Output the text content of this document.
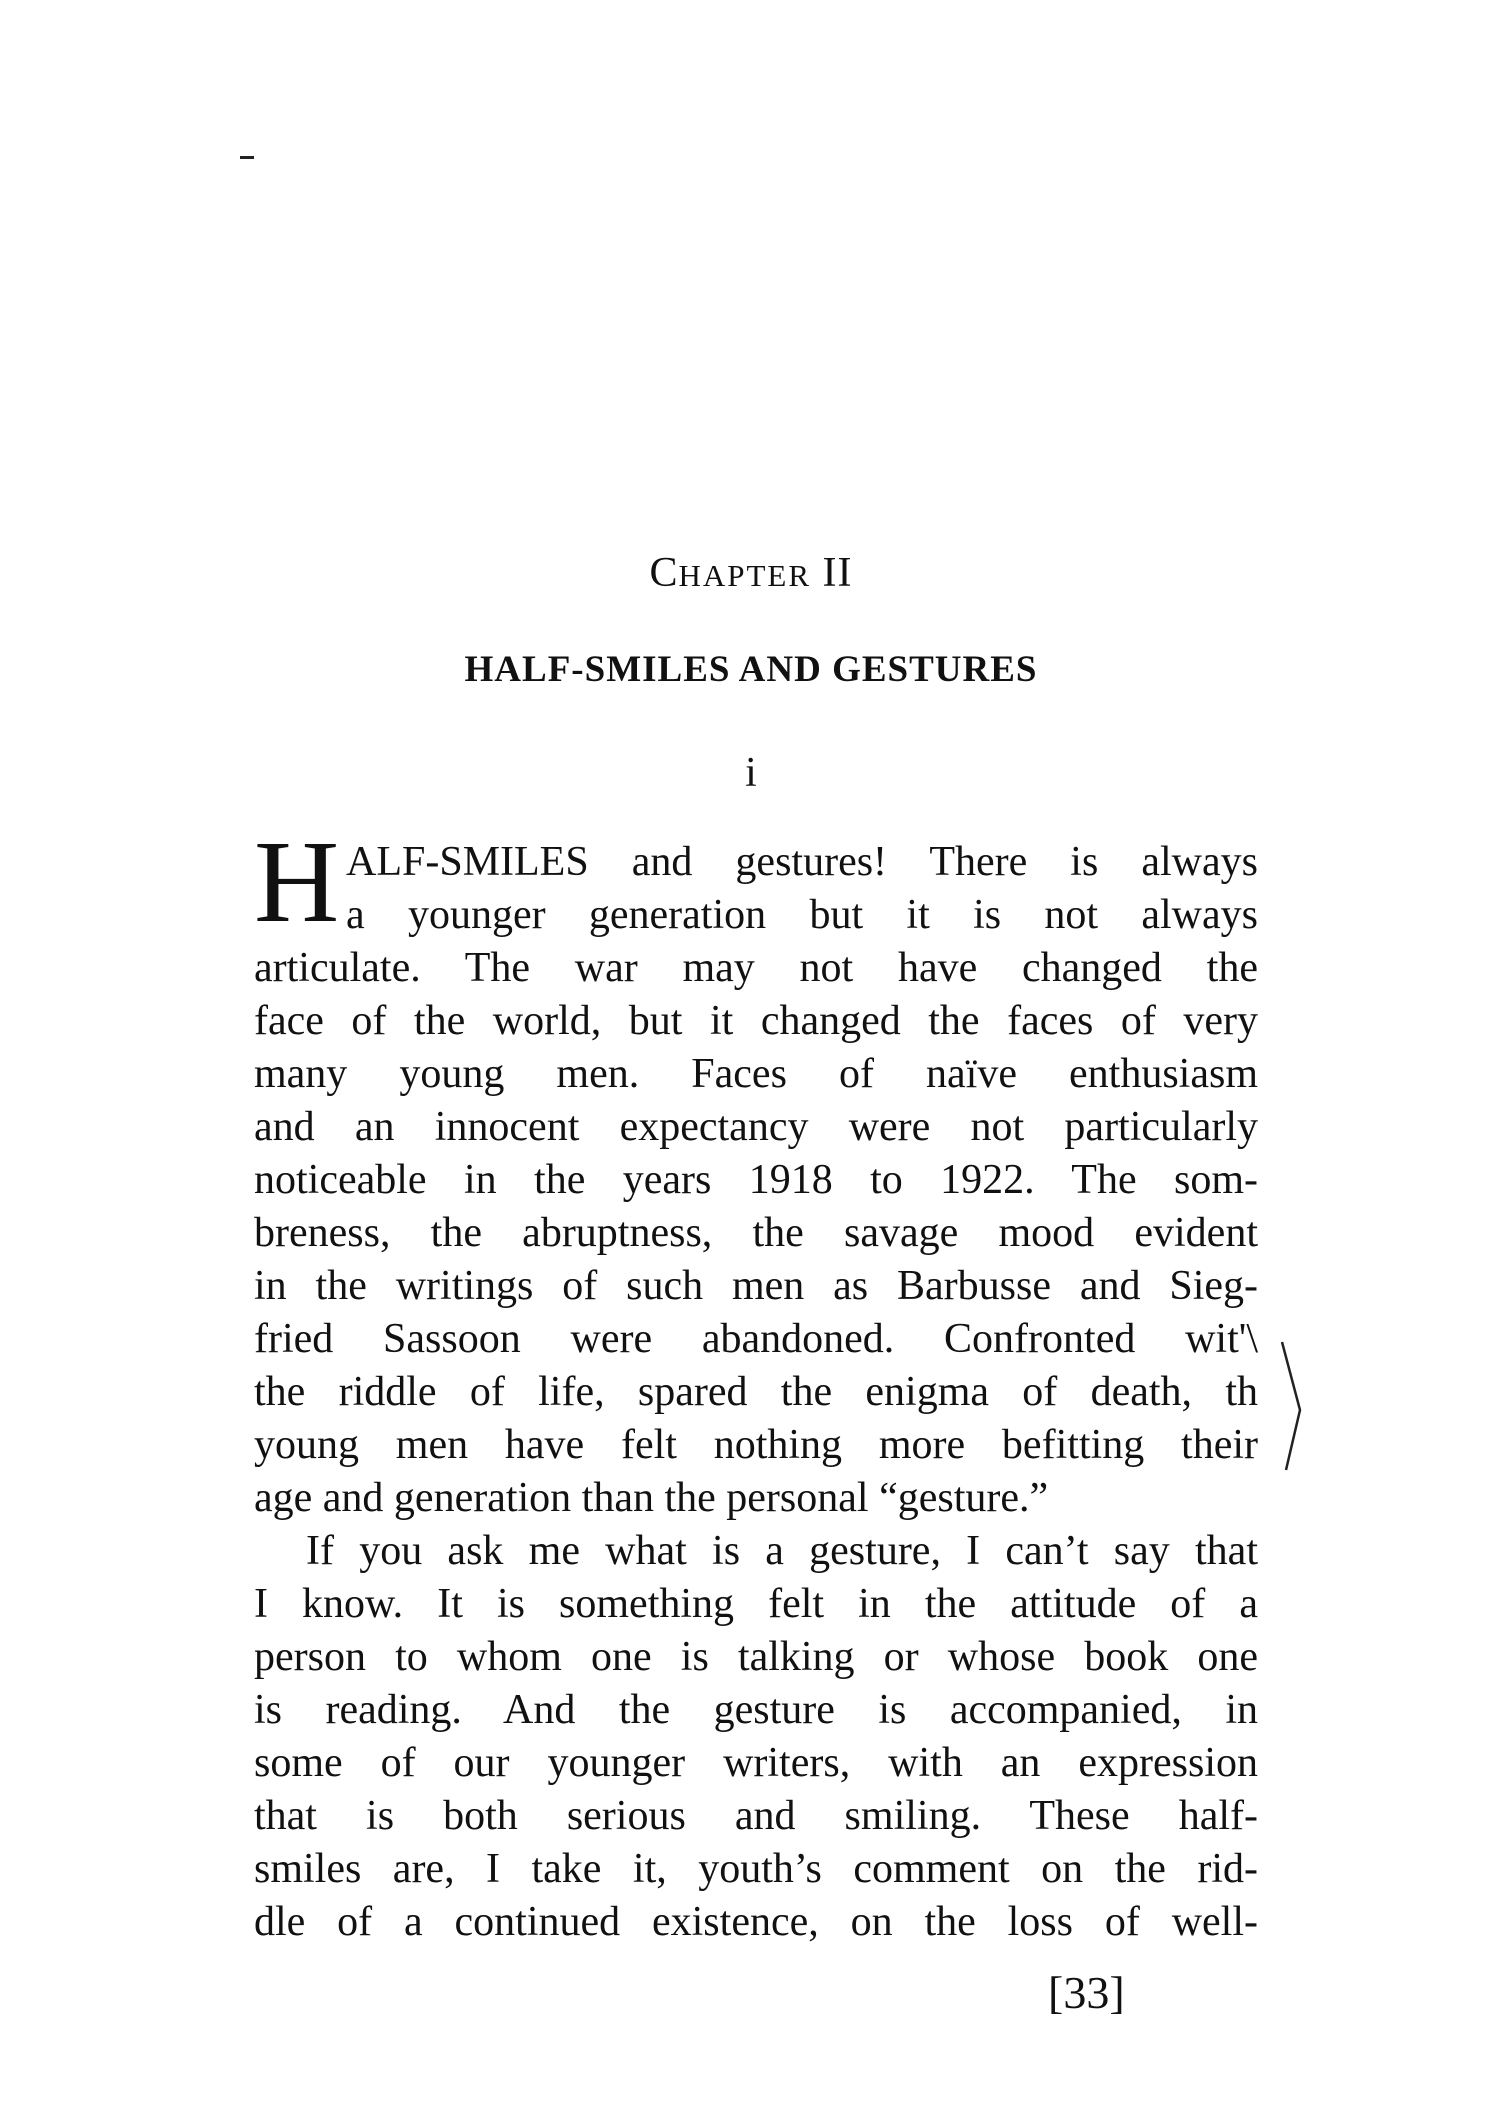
CHAPTER II
HALF-SMILES AND GESTURES
i
H ALF-SMILES and gestures! There is always
a younger generation but it is not always
articulate. The war may not have changed the
face of the world, but it changed the faces of very
many young men. Faces of naïve enthusiasm
and an innocent expectancy were not particularly
noticeable in the years 1918 to 1922. The som-
breness, the abruptness, the savage mood evident
in the writings of such men as Barbusse and Sieg-
fried Sassoon were abandoned. Confronted wit'\
the riddle of life, spared the enigma of death, th
young men have felt nothing more befitting their
age and generation than the personal “gesture.”
If you ask me what is a gesture, I can’t say that
I know. It is something felt in the attitude of a
person to whom one is talking or whose book one
is reading. And the gesture is accompanied, in
some of our younger writers, with an expression
that is both serious and smiling. These half-
smiles are, I take it, youth’s comment on the rid-
dle of a continued existence, on the loss of well-
[33]
